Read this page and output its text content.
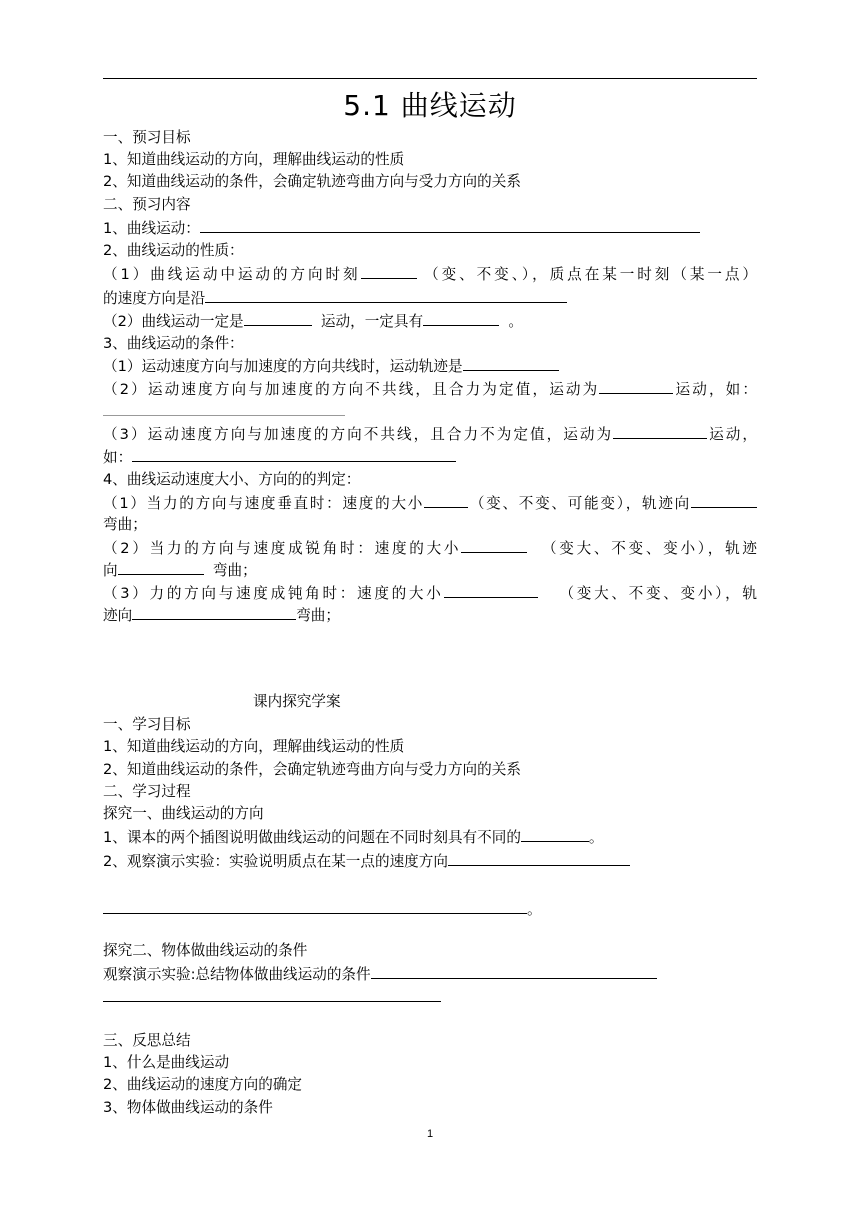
5.1 曲线运动
一、预习目标
1、知道曲线运动的方向，理解曲线运动的性质
2、知道曲线运动的条件，会确定轨迹弯曲方向与受力方向的关系
二、预习内容
1、曲线运动：
2、曲线运动的性质：
（1）曲线运动中运动的方向时刻	（变、不变、），质点在某一时刻（某一点）
的速度方向是沿
（2）曲线运动一定是	运动，一定具有	。
3、曲线运动的条件：
（1）运动速度方向与加速度的方向共线时，运动轨迹是
（2）运动速度方向与加速度的方向不共线，且合力为定值，运动为	运动，如：
（3）运动速度方向与加速度的方向不共线，且合力不为定值，运动为	运动，
如：
4、曲线运动速度大小、方向的的判定：
（1）当力的方向与速度垂直时：速度的大小	（变、不变、可能变），轨迹向
弯曲；
（2）当力的方向与速度成锐角时：速度的大小	（变大、不变、变小），轨迹
向	弯曲；
（3）力的方向与速度成钝角时：速度的大小	（变大、不变、变小），轨
迹向	弯曲；
课内探究学案
一、学习目标
1、知道曲线运动的方向，理解曲线运动的性质
2、知道曲线运动的条件，会确定轨迹弯曲方向与受力方向的关系
二、学习过程
探究一、曲线运动的方向
1、课本的两个插图说明做曲线运动的问题在不同时刻具有不同的	。
2、观察演示实验：实验说明质点在某一点的速度方向
。
探究二、物体做曲线运动的条件
观察演示实验:总结物体做曲线运动的条件
三、反思总结
1、什么是曲线运动
2、曲线运动的速度方向的确定
3、物体做曲线运动的条件
1
